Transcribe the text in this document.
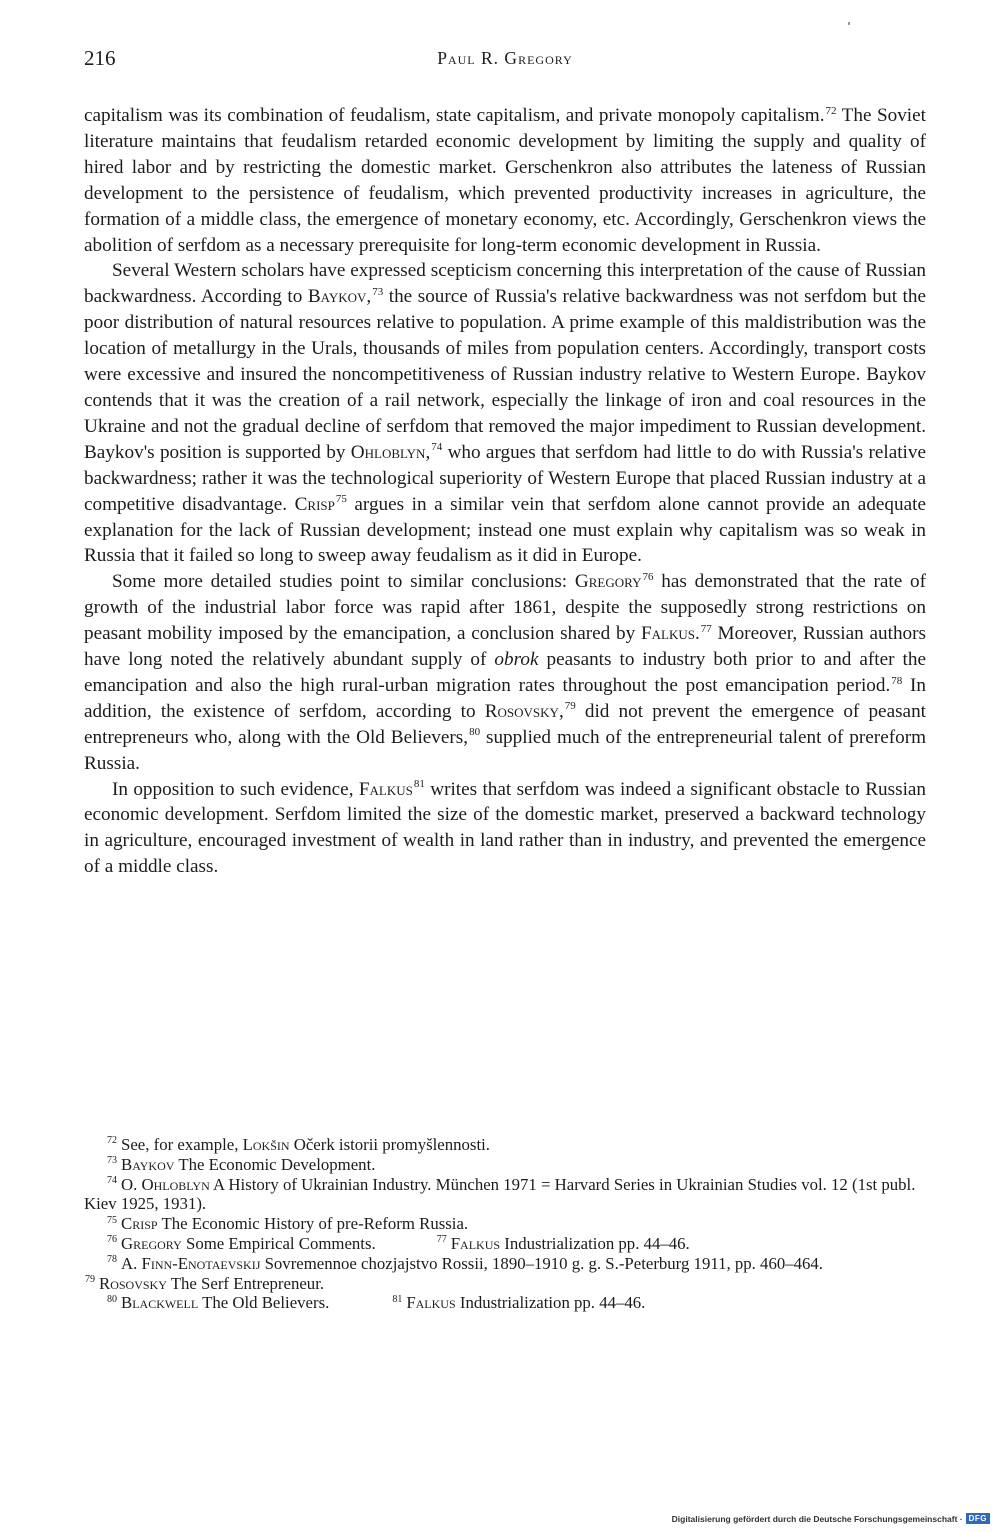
216	Paul R. Gregory

capitalism was its combination of feudalism, state capitalism, and private monopoly capitalism.$^{72}$ The Soviet literature maintains that feudalism retarded economic development by limiting the supply and quality of hired labor and by restricting the domestic market. Gerschenkron also attributes the lateness of Russian development to the persistence of feudalism, which prevented productivity increases in agriculture, the formation of a middle class, the emergence of monetary economy, etc. Accordingly, Gerschenkron views the abolition of serfdom as a necessary prerequisite for long-term economic development in Russia.

Several Western scholars have expressed scepticism concerning this interpretation of the cause of Russian backwardness. According to Baykov,$^{73}$ the source of Russia's relative backwardness was not serfdom but the poor distribution of natural resources relative to population. A prime example of this maldistribution was the location of metallurgy in the Urals, thousands of miles from population centers. Accordingly, transport costs were excessive and insured the noncompetitiveness of Russian industry relative to Western Europe. Baykov contends that it was the creation of a rail network, especially the linkage of iron and coal resources in the Ukraine and not the gradual decline of serfdom that removed the major impediment to Russian development. Baykov's position is supported by Ohloblyn,$^{74}$ who argues that serfdom had little to do with Russia's relative backwardness; rather it was the technological superiority of Western Europe that placed Russian industry at a competitive disadvantage. Crisp$^{75}$ argues in a similar vein that serfdom alone cannot provide an adequate explanation for the lack of Russian development; instead one must explain why capitalism was so weak in Russia that it failed so long to sweep away feudalism as it did in Europe.

Some more detailed studies point to similar conclusions: Gregory$^{76}$ has demonstrated that the rate of growth of the industrial labor force was rapid after 1861, despite the supposedly strong restrictions on peasant mobility imposed by the emancipation, a conclusion shared by Falkus.$^{77}$ Moreover, Russian authors have long noted the relatively abundant supply of obrok peasants to industry both prior to and after the emancipation and also the high rural-urban migration rates throughout the post emancipation period.$^{78}$ In addition, the existence of serfdom, according to Rosovsky,$^{79}$ did not prevent the emergence of peasant entrepreneurs who, along with the Old Believers,$^{80}$ supplied much of the entrepreneurial talent of prereform Russia.

In opposition to such evidence, Falkus$^{81}$ writes that serfdom was indeed a significant obstacle to Russian economic development. Serfdom limited the size of the domestic market, preserved a backward technology in agriculture, encouraged investment of wealth in land rather than in industry, and prevented the emergence of a middle class.

$^{72}$ See, for example, Lokšin Očerk istorii promyšlennosti.

$^{73}$ Baykov The Economic Development.

$^{74}$ O. Ohloblyn A History of Ukrainian Industry. München 1971 = Harvard Series in Ukrainian Studies vol. 12 (1st publ. Kiev 1925, 1931).

$^{75}$ Crisp The Economic History of pre-Reform Russia.

$^{76}$ Gregory Some Empirical Comments.	$^{77}$ Falkus Industrialization pp. 44–46.

$^{78}$ A. Finn-Enotaevskij Sovremennoe chozjajstvo Rossii, 1890–1910 g. g. S.-Peterburg 1911, pp. 460–464.79 Rosovsky The Serf Entrepreneur.

$^{80}$ Blackwell The Old Believers.	$^{81}$ Falkus Industrialization pp. 44–46.

Digitalisierung gefördert durch die Deutsche Forschungsgemeinschaft · DFG
